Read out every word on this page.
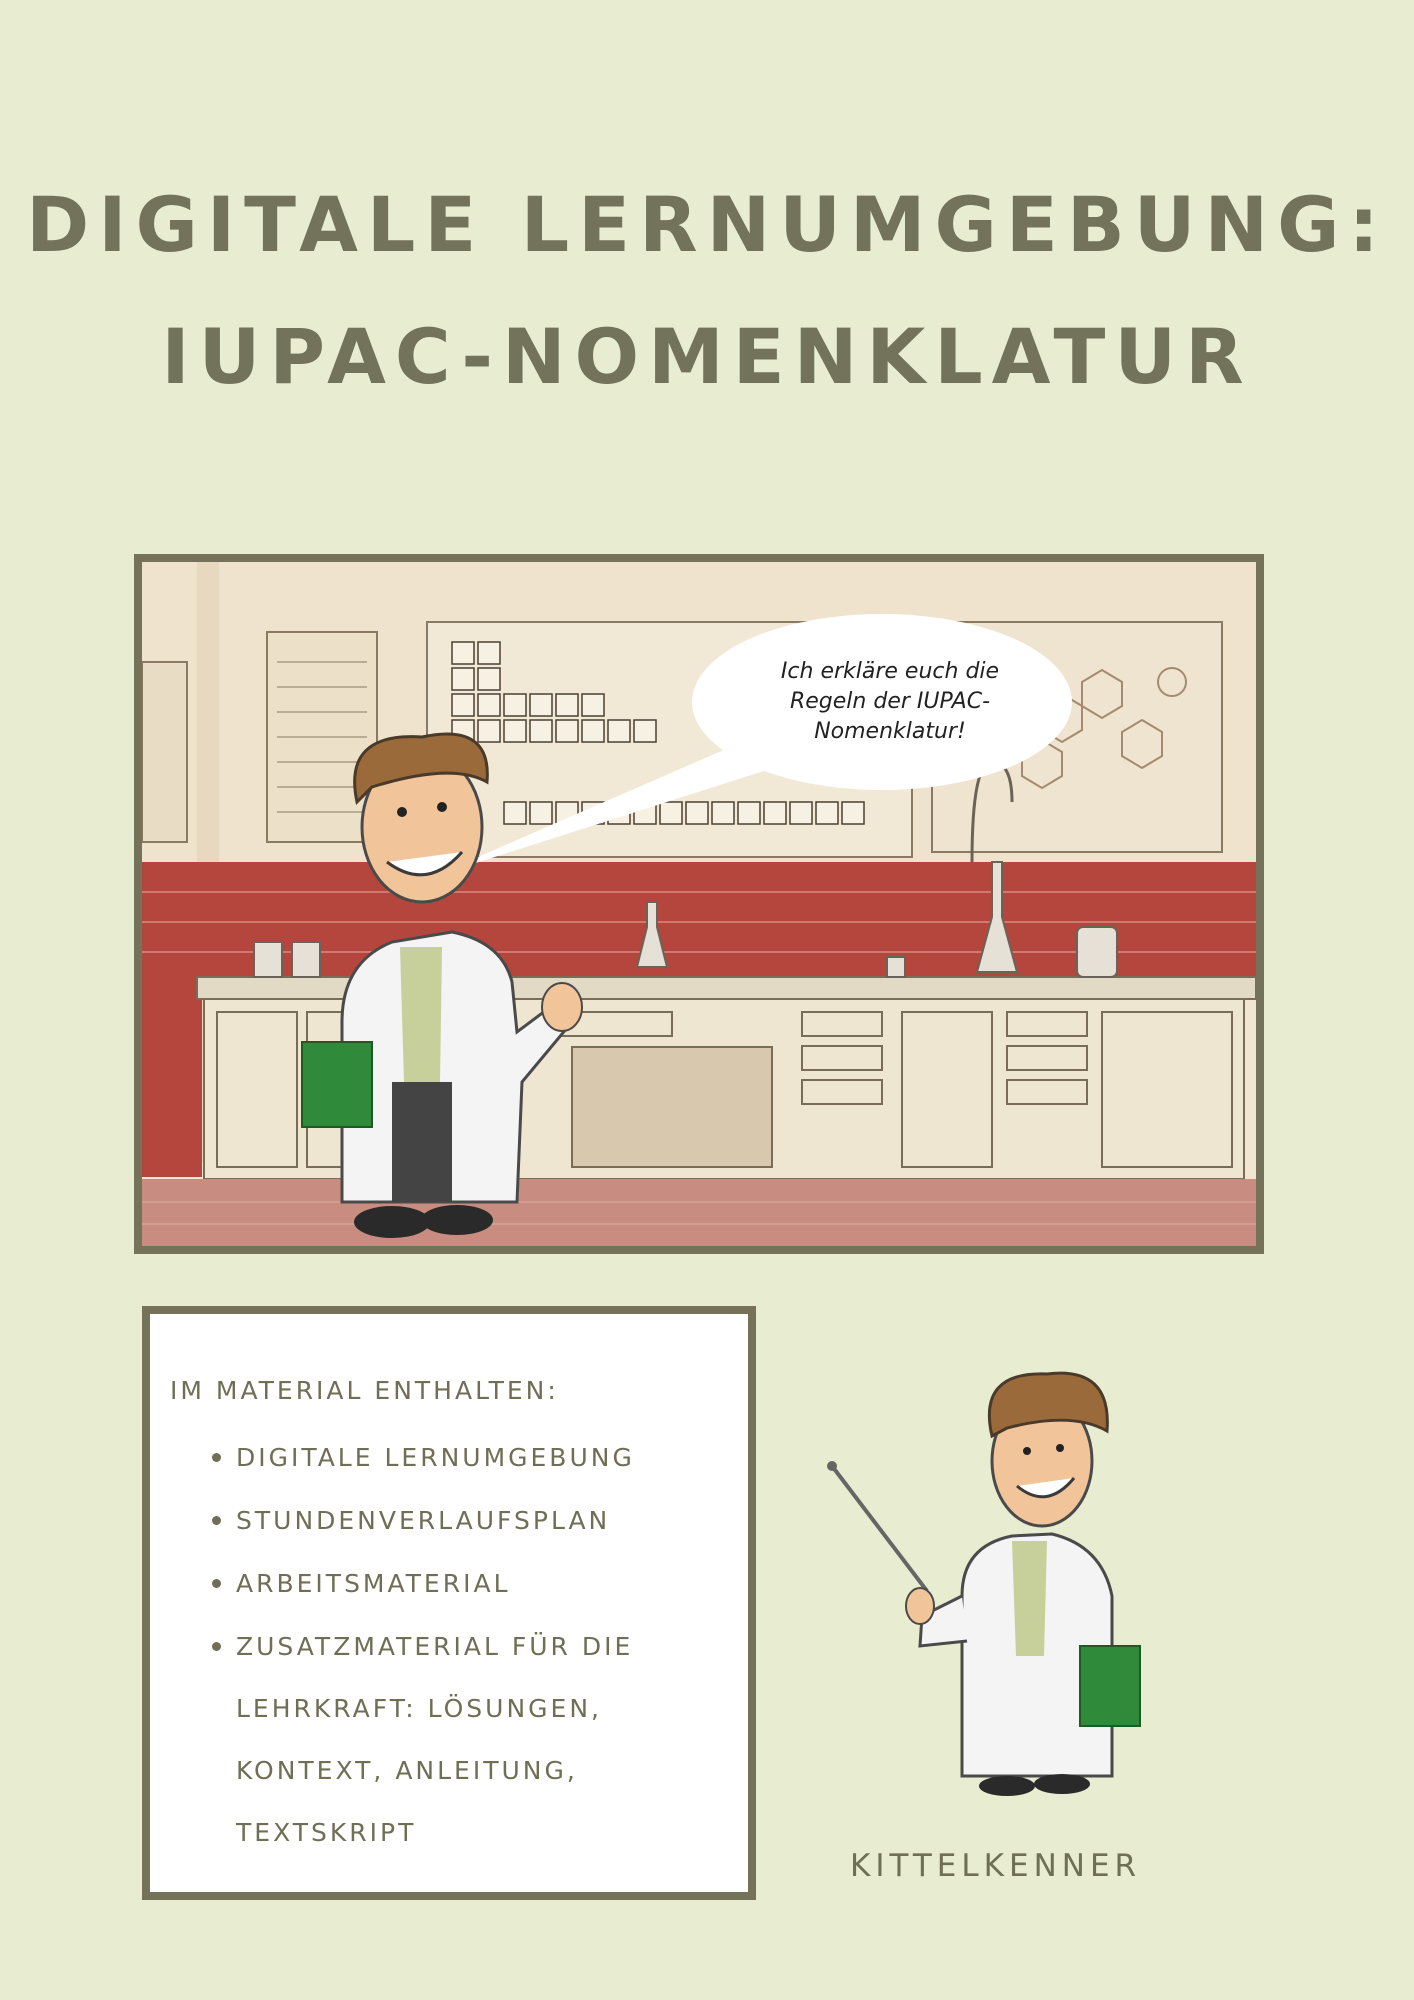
DIGITALE LERNUMGEBUNG:
IUPAC-NOMENKLATUR
Ich erkläre euch die Regeln der IUPAC-Nomenklatur!
IM MATERIAL ENTHALTEN:
• DIGITALE LERNUMGEBUNG
• STUNDENVERLAUFSPLAN
• ARBEITSMATERIAL
• ZUSATZMATERIAL FÜR DIE LEHRKRAFT: LÖSUNGEN, KONTEXT, ANLEITUNG, TEXTSKRIPT
KITTELKENNER
